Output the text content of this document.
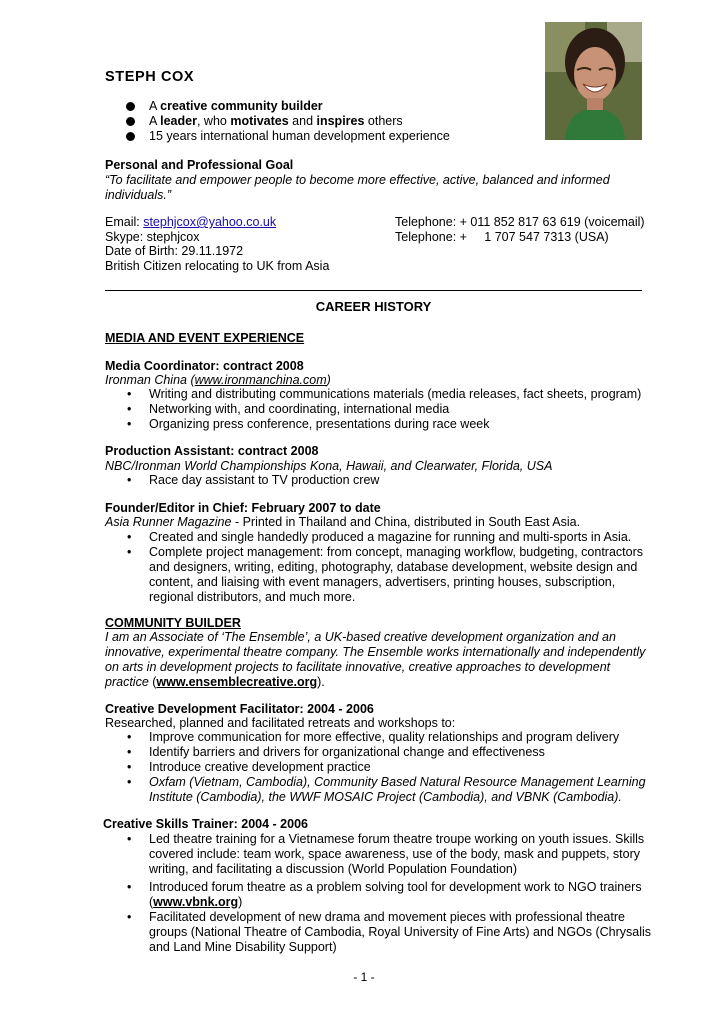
STEPH COX
A creative community builder
A leader, who motivates and inspires others
15 years international human development experience
Personal and Professional Goal
“To facilitate and empower people to become more effective, active, balanced and informed
individuals.”
Email: stephjcox@yahoo.co.uk
Skype: stephjcox
Date of Birth: 29.11.1972
British Citizen relocating to UK from Asia
Telephone: + 011 852 817 63 619 (voicemail)
Telephone: +     1 707 547 7313 (USA)
CAREER HISTORY
MEDIA AND EVENT EXPERIENCE
Media Coordinator: contract 2008
Ironman China (www.ironmanchina.com)
• Writing and distributing communications materials (media releases, fact sheets, program)
• Networking with, and coordinating, international media
• Organizing press conference, presentations during race week
Production Assistant: contract 2008
NBC/Ironman World Championships Kona, Hawaii, and Clearwater, Florida, USA
• Race day assistant to TV production crew
Founder/Editor in Chief: February 2007 to date
Asia Runner Magazine - Printed in Thailand and China, distributed in South East Asia.
• Created and single handedly produced a magazine for running and multi-sports in Asia.
• Complete project management: from concept, managing workflow, budgeting, contractors
and designers, writing, editing, photography, database development, website design and
content, and liaising with event managers, advertisers, printing houses, subscription,
regional distributors, and much more.
COMMUNITY BUILDER
I am an Associate of ‘The Ensemble’, a UK-based creative development organization and an
innovative, experimental theatre company. The Ensemble works internationally and independently
on arts in development projects to facilitate innovative, creative approaches to development
practice (www.ensemblecreative.org).
Creative Development Facilitator: 2004 - 2006
Researched, planned and facilitated retreats and workshops to:
• Improve communication for more effective, quality relationships and program delivery
• Identify barriers and drivers for organizational change and effectiveness
• Introduce creative development practice
• Oxfam (Vietnam, Cambodia), Community Based Natural Resource Management Learning
Institute (Cambodia), the WWF MOSAIC Project (Cambodia), and VBNK (Cambodia).
Creative Skills Trainer: 2004 - 2006
• Led theatre training for a Vietnamese forum theatre troupe working on youth issues. Skills
covered include: team work, space awareness, use of the body, mask and puppets, story
writing, and facilitating a discussion (World Population Foundation)
• Introduced forum theatre as a problem solving tool for development work to NGO trainers
(www.vbnk.org)
• Facilitated development of new drama and movement pieces with professional theatre
groups (National Theatre of Cambodia, Royal University of Fine Arts) and NGOs (Chrysalis
and Land Mine Disability Support)
- 1 -
